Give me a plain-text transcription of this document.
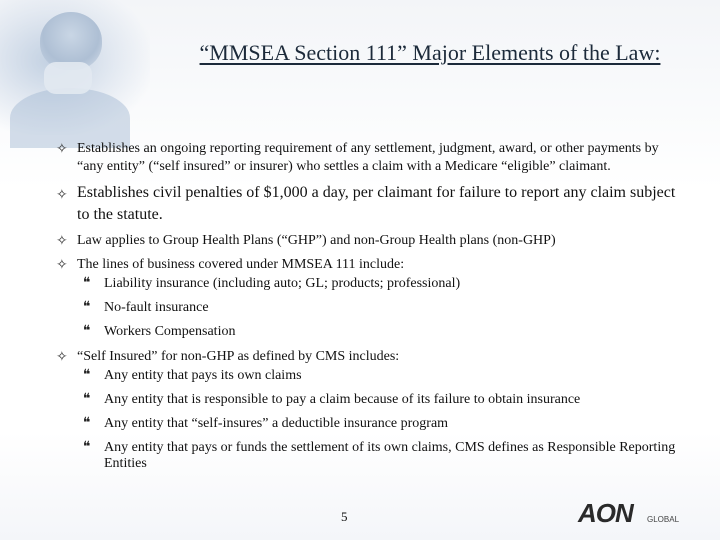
“MMSEA Section 111” Major Elements of the Law:
✧ Establishes an ongoing reporting requirement of any settlement, judgment, award, or other payments by “any entity” (“self insured” or insurer) who settles a claim with a Medicare “eligible” claimant.
✧ Establishes civil penalties of $1,000 a day, per claimant for failure to report any claim subject to the statute.
✧ Law applies to Group Health Plans (“GHP”) and non-Group Health plans (non-GHP)
✧ The lines of business covered under MMSEA 111 include:
❝ Liability insurance (including auto; GL; products; professional)
❝ No-fault insurance
❝ Workers Compensation
✧ “Self Insured” for non-GHP as defined by CMS includes:
❝ Any entity that pays its own claims
❝ Any entity that is responsible to pay a claim because of its failure to obtain insurance
❝ Any entity that “self-insures” a deductible insurance program
❝ Any entity that pays or funds the settlement of its own claims, CMS defines as Responsible Reporting Entities
5	AON GLOBAL
